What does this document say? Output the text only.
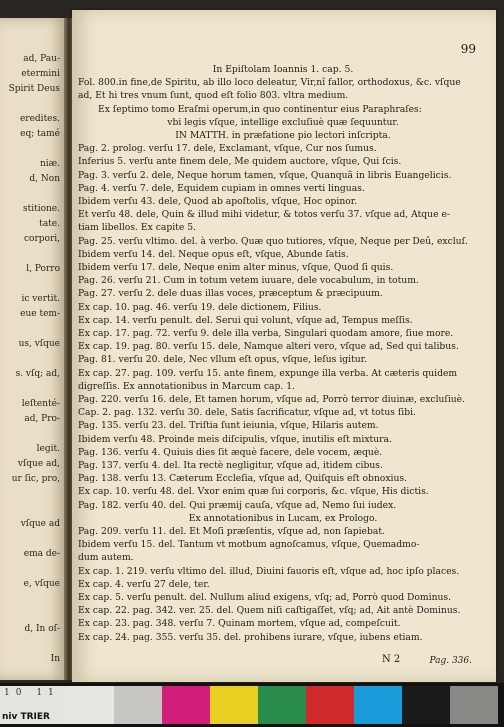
ad, Pau-
etermini
Spirit Deus
eredites.
eq; tamé
niæ.
d, Non
stitione.
tate.
corpori,
l, Porro
ic vertit.
eue tem-
us, vſque
s. vſq; ad,
leſtenté-
ad, Pro-
legit.
vſque ad,
ur ſic, pro,
vſque ad
ema de-
e, vſque
d, In oſ-
In
99
In Epiſtolam Ioannis 1. cap. 5.
Fol. 800.in fine,de Spiritu, ab illo loco deleatur, Vir,nî fallor, orthodoxus, &c. vſque
ad, Et hi tres vnum ſunt, quod eſt folio 803. vltra medium.
Ex ſeptimo tomo Eraſmi operum,in quo continentur eius Paraphraſes:
vbi legis vſque, intellige excluſiuè quæ ſequuntur.
IN MATTH. in præfatione pio lectori inſcripta.
Pag. 2. prolog. verſu 17. dele, Exclamant, vſque, Cur nos ſumus.
Inferius 5. verſu ante finem dele, Me quidem auctore, vſque, Qui ſcis.
Pag. 3. verſu 2. dele, Neque horum tamen, vſque, Quanquã in libris Euangelicis.
Pag. 4. verſu 7. dele, Equidem cupiam in omnes verti linguas.
Ibidem verſu 43. dele, Quod ab apoſtolis, vſque, Hoc opinor.
Et verſu 48. dele, Quin & illud mihi videtur, & totos verſu 37. vſque ad, Atque e-
tiam libellos. Ex capite 5.
Pag. 25. verſu vltimo. del. à verbo. Quæ quo tutiores, vſque, Neque per Deû, excluſ.
Ibidem verſu 14. del. Neque opus eſt, vſque, Abunde ſatis.
Ibidem verſu 17. dele, Neque enim alter minus, vſque, Quod ſi quis.
Pag. 26. verſu 21. Cum in totum vetem iuuare, dele vocabulum, in totum.
Pag. 27. verſu 2. dele duas illas voces, præceptum & præcipuum.
Ex cap. 10. pag. 46. verſu 19. dele dictionem, Filius.
Ex cap. 14. verſu penult. del. Serui qui volunt, vſque ad, Tempus meſſis.
Ex cap. 17. pag. 72. verſu 9. dele illa verba, Singulari quodam amore, ſiue more.
Ex cap. 19. pag. 80. verſu 15. dele, Namque alteri vero, vſque ad, Sed qui talibus.
Pag. 81. verſu 20. dele, Nec vllum eſt opus, vſque, leſus igitur.
Ex cap. 27. pag. 109. verſu 15. ante finem, expunge illa verba. At cæteris quidem
digreſſis. Ex annotationibus in Marcum cap. 1.
Pag. 220. verſu 16. dele, Et tamen horum, vſque ad, Porrò terror diuinæ, excluſiuè.
Cap. 2. pag. 132. verſu 30. dele, Satis ſacrificatur, vſque ad, vt totus ſibi.
Pag. 135. verſu 23. del. Triſtia ſunt ieiunia, vſque, Hilaris autem.
Ibidem verſu 48. Proinde meis diſcipulis, vſque, inutilis eſt mixtura.
Pag. 136. verſu 4. Quiuis dies ſit æquè facere, dele vocem, æquè.
Pag. 137. verſu 4. del. Ita rectè negligitur, vſque ad, itidem cibus.
Pag. 138. verſu 13. Cæterum Eccleſia, vſque ad, Quiſquis eſt obnoxius.
Ex cap. 10. verſu 48. del. Vxor enim quæ ſui corporis, &c. vſque, His dictis.
Pag. 182. verſu 40. del. Qui præmij cauſa, vſque ad, Nemo ſui iudex.
Ex annotationibus in Lucam, ex Prologo.
Pag. 209. verſu 11. del. Et Moſi præſentis, vſque ad, non ſapiebat.
Ibidem verſu 15. del. Tantum vt motbum agnoſcamus, vſque, Quemadmo-
dum autem.
Ex cap. 1. 219. verſu vltimo del. illud, Diuini fauoris eſt, vſque ad, hoc ipſo places.
Ex cap. 4. verſu 27 dele, ter.
Ex cap. 5. verſu penult. del. Nullum aliud exigens, vſq; ad, Porrò quod Dominus.
Ex cap. 22. pag. 342. ver. 25. del. Quem niſi caſtigaſſet, vſq; ad, Ait antè Dominus.
Ex cap. 23. pag. 348. verſu 7. Quinam mortem, vſque ad, compeſcuit.
Ex cap. 24. pag. 355. verſu 35. del. prohibens iurare, vſque, iubens etiam.
N 2	Pag. 336.
10 11
niv TRIER
